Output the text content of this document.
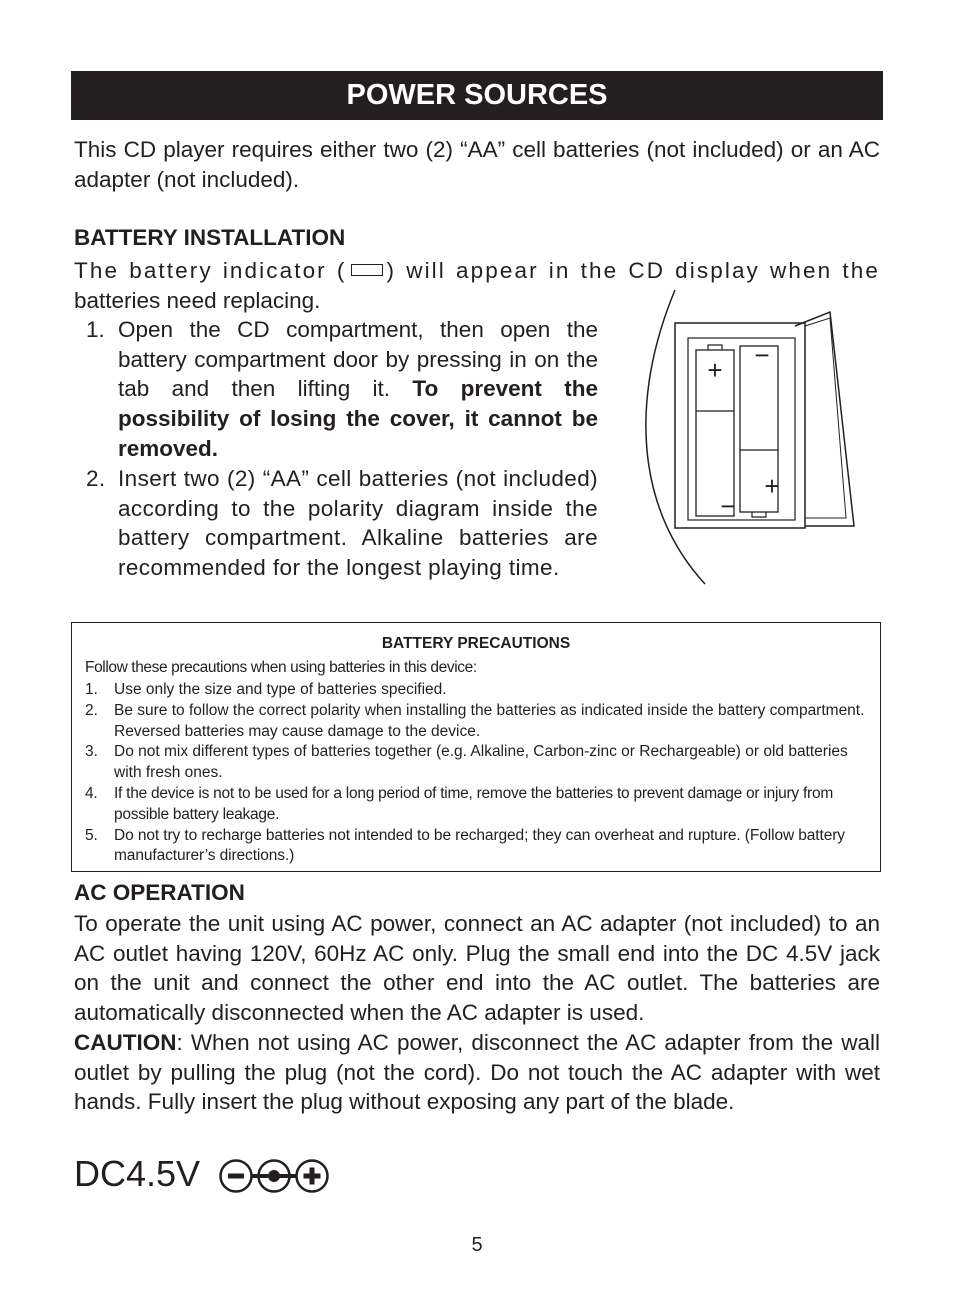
POWER SOURCES

This CD player requires either two (2) “AA” cell batteries (not included) or an AC adapter (not included).

BATTERY INSTALLATION

The battery indicator ( ) will appear in the CD display when the
batteries need replacing.
1. Open the CD compartment, then open the battery compartment door by pressing in on the tab and then lifting it. To prevent the possibility of losing the cover, it cannot be removed.
2. Insert two (2) “AA” cell batteries (not included) according to the polarity diagram inside the battery compartment. Alkaline batteries are recommended for the longest playing time.
+
−
−
+
BATTERY PRECAUTIONS
Follow these precautions when using batteries in this device:
1. Use only the size and type of batteries specified.
2. Be sure to follow the correct polarity when installing the batteries as indicated inside the battery compartment. Reversed batteries may cause damage to the device.
3. Do not mix different types of batteries together (e.g. Alkaline, Carbon-zinc or Rechargeable) or old batteries with fresh ones.
4. If the device is not to be used for a long period of time, remove the batteries to prevent damage or injury from possible battery leakage.
5. Do not try to recharge batteries not intended to be recharged; they can overheat and rupture. (Follow battery manufacturer’s directions.)

AC OPERATION

To operate the unit using AC power, connect an AC adapter (not included) to an AC outlet having 120V, 60Hz AC only. Plug the small end into the DC 4.5V jack on the unit and connect the other end into the AC outlet. The batteries are automatically disconnected when the AC adapter is used.

CAUTION: When not using AC power, disconnect the AC adapter from the wall outlet by pulling the plug (not the cord). Do not touch the AC adapter with wet hands. Fully insert the plug without exposing any part of the blade.

DC4.5V
5
